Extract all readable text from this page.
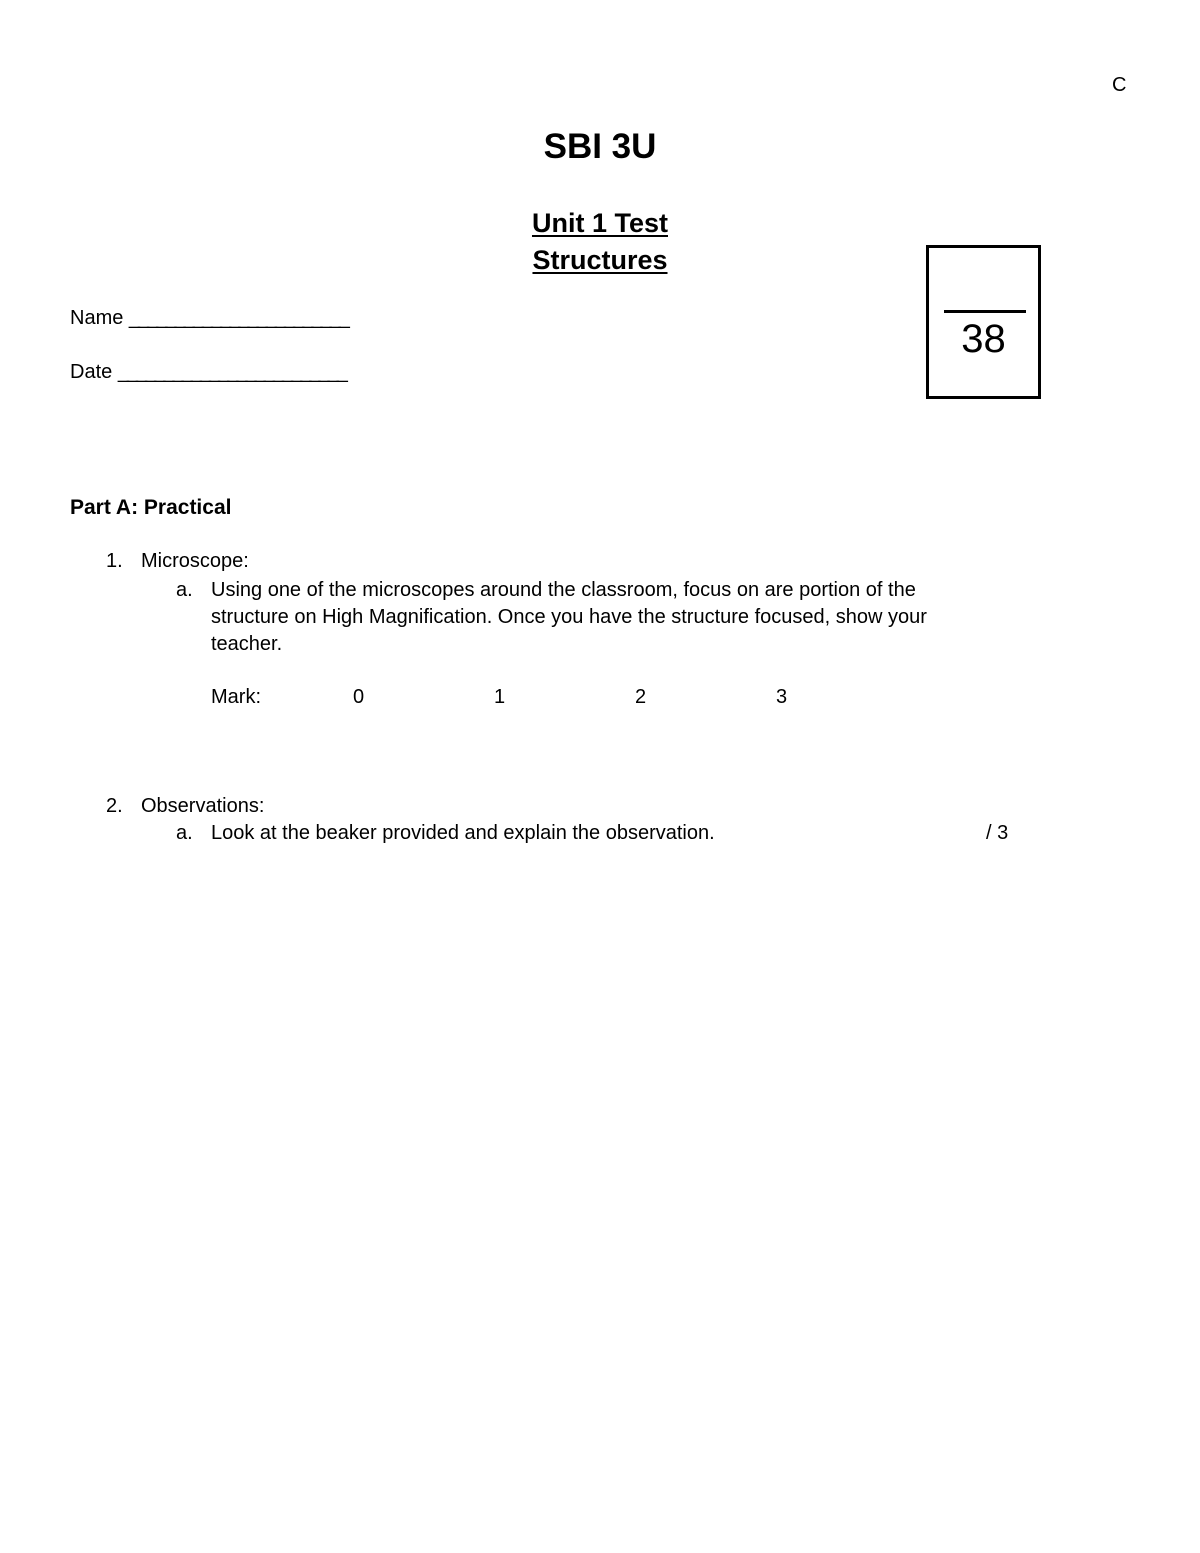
C
SBI 3U
Unit 1 Test
Structures
Name ________________________
Date _________________________
38
Part A: Practical
1. Microscope:
a. Using one of the microscopes around the classroom, focus on are portion of the
structure on High Magnification. Once you have the structure focused, show your
teacher.
Mark:	0	1	2	3
2. Observations:
a. Look at the beaker provided and explain the observation.	/ 3
